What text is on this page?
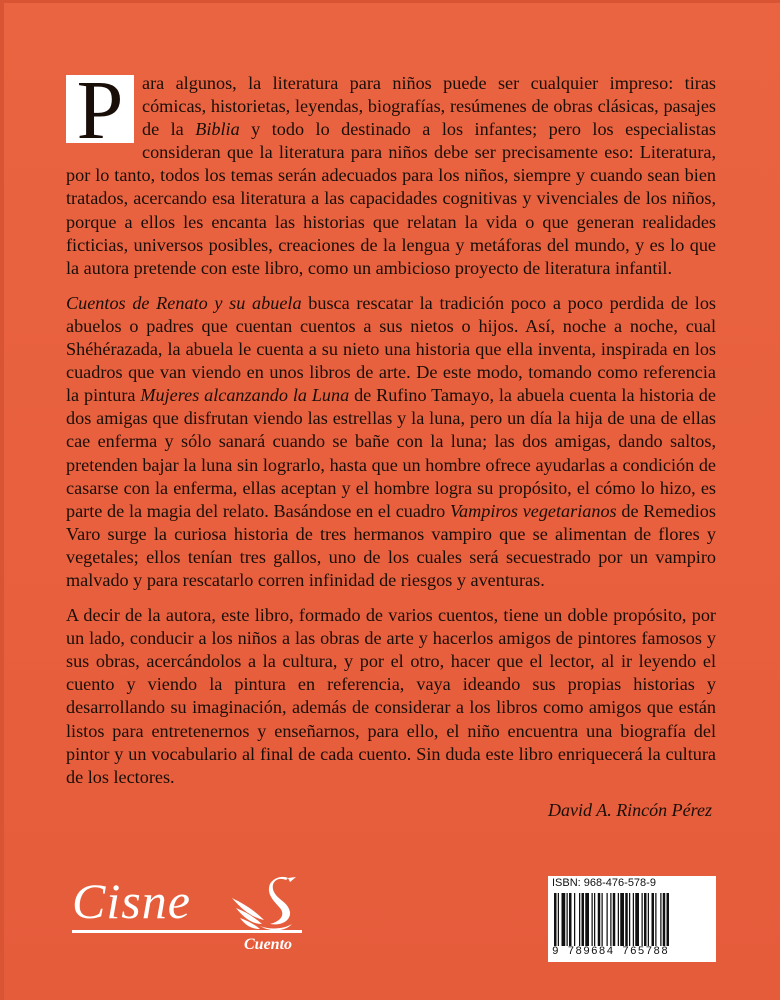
P	ara algunos, la literatura para niños puede ser cualquier impreso: tiras cómicas, historietas, leyendas, biografías, resúmenes de obras clásicas, pasajes de la Biblia y todo lo destinado a los infantes; pero los especialistas consideran que la literatura para niños debe ser precisamente eso: Literatura, por lo tanto, todos los temas serán adecuados para los niños, siempre y cuando sean bien tratados, acercando esa literatura a las capacidades cognitivas y vivenciales de los niños, porque a ellos les encanta las historias que relatan la vida o que generan realidades ficticias, universos posibles, creaciones de la lengua y metáforas del mundo, y es lo que la autora pretende con este libro, como un ambicioso proyecto de literatura infantil.

Cuentos de Renato y su abuela busca rescatar la tradición poco a poco perdida de los abuelos o padres que cuentan cuentos a sus nietos o hijos. Así, noche a noche, cual Shéhérazada, la abuela le cuenta a su nieto una historia que ella inventa, inspirada en los cuadros que van viendo en unos libros de arte. De este modo, tomando como referencia la pintura Mujeres alcanzando la Luna de Rufino Tamayo, la abuela cuenta la historia de dos amigas que disfrutan viendo las estrellas y la luna, pero un día la hija de una de ellas cae enferma y sólo sanará cuando se bañe con la luna; las dos amigas, dando saltos, pretenden bajar la luna sin lograrlo, hasta que un hombre ofrece ayudarlas a condición de casarse con la enferma, ellas aceptan y el hombre logra su propósito, el cómo lo hizo, es parte de la magia del relato. Basándose en el cuadro Vampiros vegetarianos de Remedios Varo surge la curiosa historia de tres hermanos vampiro que se alimentan de flores y vegetales; ellos tenían tres gallos, uno de los cuales será secuestrado por un vampiro malvado y para rescatarlo corren infinidad de riesgos y aventuras.

A decir de la autora, este libro, formado de varios cuentos, tiene un doble propósito, por un lado, conducir a los niños a las obras de arte y hacerlos amigos de pintores famosos y sus obras, acercándolos a la cultura, y por el otro, hacer que el lector, al ir leyendo el cuento y viendo la pintura en referencia, vaya ideando sus propias historias y desarrollando su imaginación, además de considerar a los libros como amigos que están listos para entretenernos y enseñarnos, para ello, el niño encuentra una biografía del pintor y un vocabulario al final de cada cuento. Sin duda este libro enriquecerá la cultura de los lectores.

David A. Rincón Pérez
Cisne
Cuento
ISBN: 968-476-578-9
9 789684 765788
